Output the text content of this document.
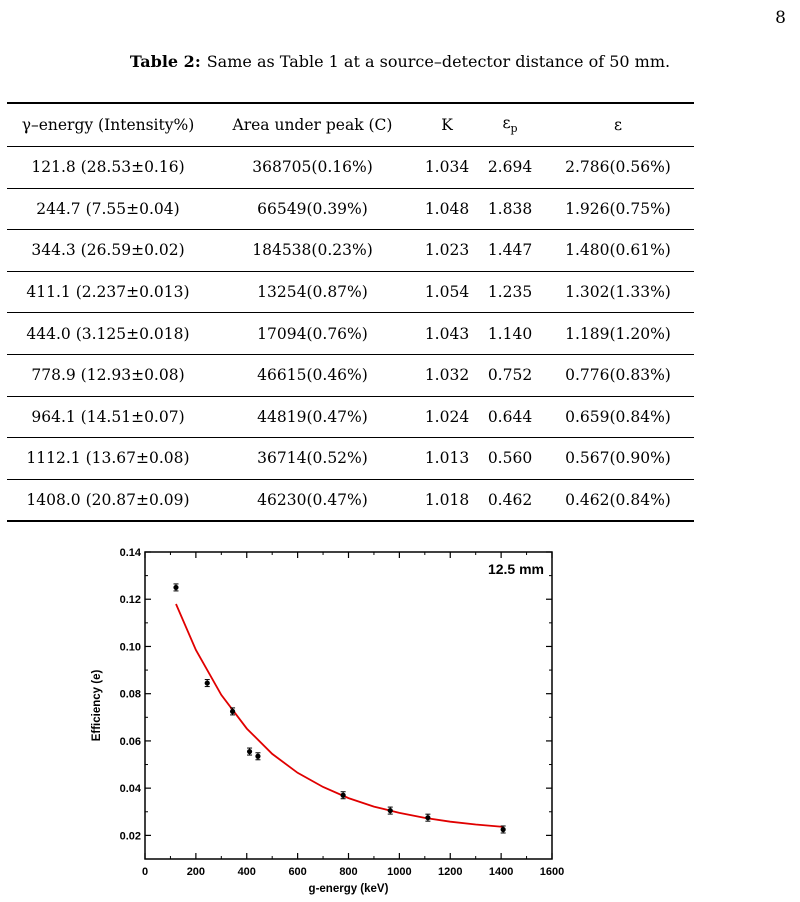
8
Table 2: Same as Table 1 at a source–detector distance of 50 mm.
γ–energy (Intensity%)	Area under peak (C)	K	$\varepsilon_p$	ε
121.8 (28.53±0.16)	368705(0.16%)	1.034	2.694	2.786(0.56%)
244.7 (7.55±0.04)	66549(0.39%)	1.048	1.838	1.926(0.75%)
344.3 (26.59±0.02)	184538(0.23%)	1.023	1.447	1.480(0.61%)
411.1 (2.237±0.013)	13254(0.87%)	1.054	1.235	1.302(1.33%)
444.0 (3.125±0.018)	17094(0.76%)	1.043	1.140	1.189(1.20%)
778.9 (12.93±0.08)	46615(0.46%)	1.032	0.752	0.776(0.83%)
964.1 (14.51±0.07)	44819(0.47%)	1.024	0.644	0.659(0.84%)
1112.1 (13.67±0.08)	36714(0.52%)	1.013	0.560	0.567(0.90%)
1408.0 (20.87±0.09)	46230(0.47%)	1.018	0.462	0.462(0.84%)
0	200	400	600	800	1000 1200 1400 1600
0.02
0.04
0.06
0.08
0.10
0.12
0.14
12.5 mm
g-energy (keV)
Efficiency (e)
